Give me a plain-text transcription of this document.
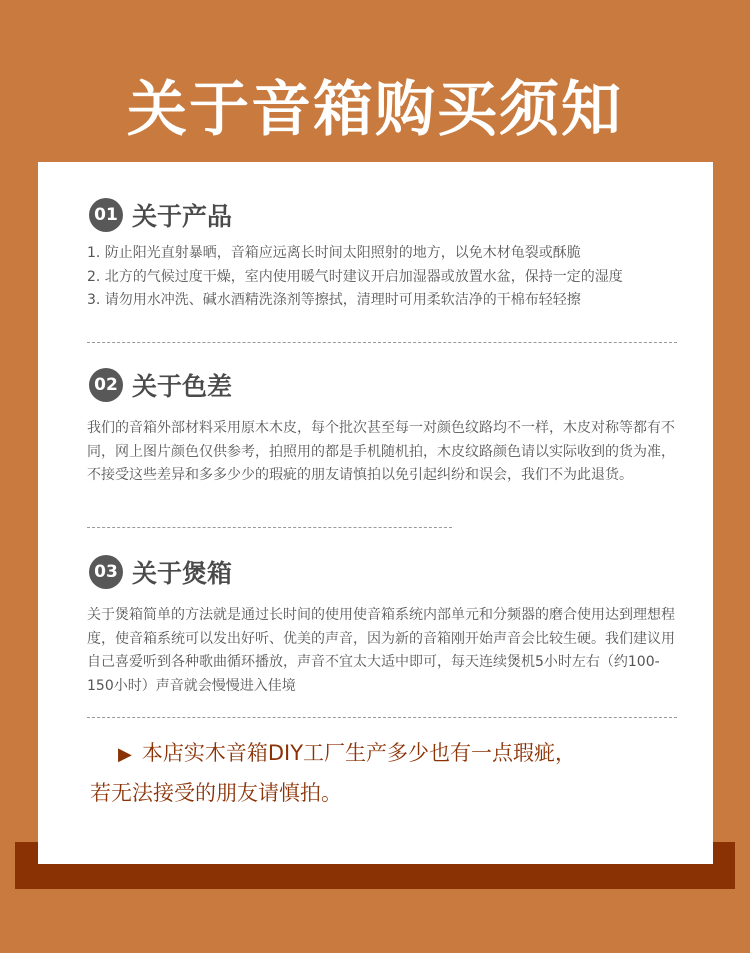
关于音箱购买须知
01 关于产品
1. 防止阳光直射暴晒，音箱应远离长时间太阳照射的地方，以免木材龟裂或酥脆
2. 北方的气候过度干燥，室内使用暖气时建议开启加湿器或放置水盆，保持一定的湿度
3. 请勿用水冲洗、碱水酒精洗涤剂等擦拭，清理时可用柔软洁净的干棉布轻轻擦
02 关于色差
我们的音箱外部材料采用原木木皮，每个批次甚至每一对颜色纹路均不一样，木皮对称等都有不同，网上图片颜色仅供参考，拍照用的都是手机随机拍，木皮纹路颜色请以实际收到的货为准，不接受这些差异和多多少少的瑕疵的朋友请慎拍以免引起纠纷和误会，我们不为此退货。
03 关于煲箱
关于煲箱简单的方法就是通过长时间的使用使音箱系统内部单元和分频器的磨合使用达到理想程度，使音箱系统可以发出好听、优美的声音，因为新的音箱刚开始声音会比较生硬。我们建议用自己喜爱听到各种歌曲循环播放，声音不宜太大适中即可，每天连续煲机5小时左右（约100-150小时）声音就会慢慢进入佳境
▶ 本店实木音箱DIY工厂生产多少也有一点瑕疵，
若无法接受的朋友请慎拍。
